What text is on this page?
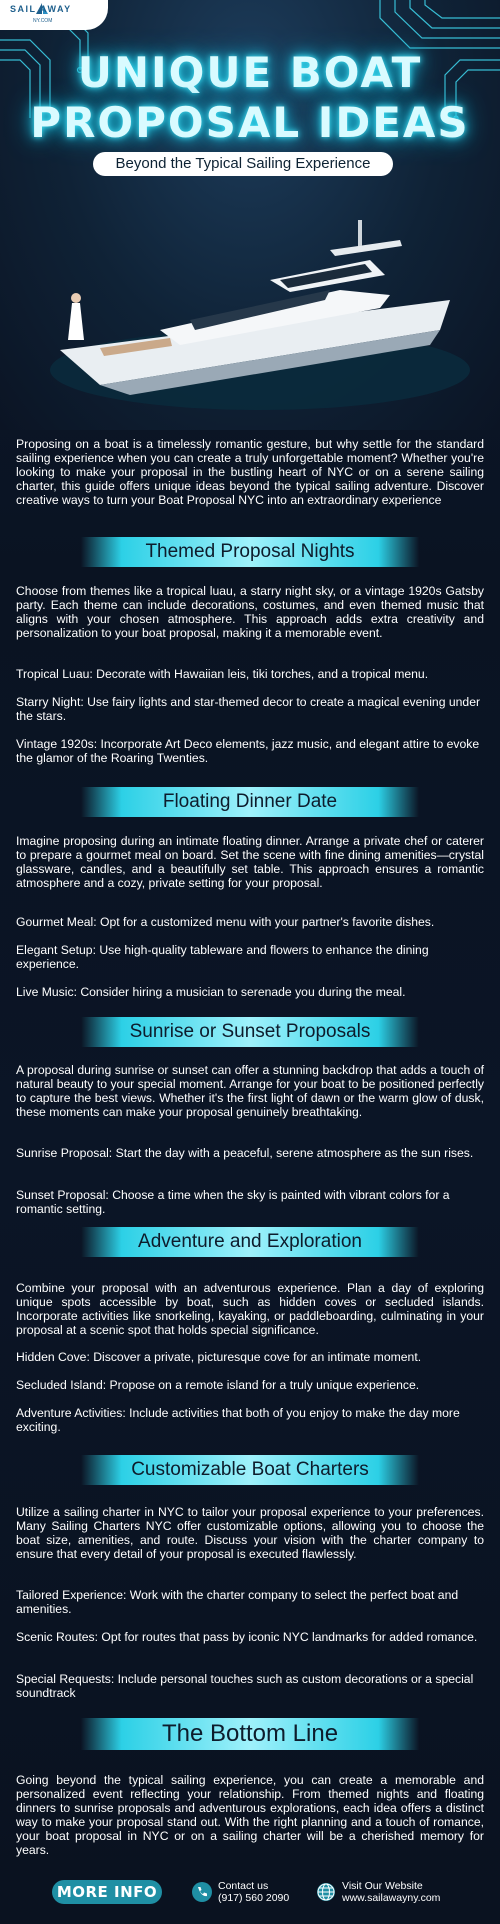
SAIL AWAY
NY.COM
UNIQUE BOAT
PROPOSAL IDEAS
Beyond the Typical Sailing Experience

Proposing on a boat is a timelessly romantic gesture, but why settle for the standard sailing experience when you can create a truly unforgettable moment? Whether you're looking to make your proposal in the bustling heart of NYC or on a serene sailing charter, this guide offers unique ideas beyond the typical sailing adventure. Discover creative ways to turn your Boat Proposal NYC into an extraordinary experience

Themed Proposal Nights

Choose from themes like a tropical luau, a starry night sky, or a vintage 1920s Gatsby party. Each theme can include decorations, costumes, and even themed music that aligns with your chosen atmosphere. This approach adds extra creativity and personalization to your boat proposal, making it a memorable event.

Tropical Luau: Decorate with Hawaiian leis, tiki torches, and a tropical menu.

Starry Night: Use fairy lights and star-themed decor to create a magical evening under the stars.

Vintage 1920s: Incorporate Art Deco elements, jazz music, and elegant attire to evoke the glamor of the Roaring Twenties.

Floating Dinner Date

Imagine proposing during an intimate floating dinner. Arrange a private chef or caterer to prepare a gourmet meal on board. Set the scene with fine dining amenities—crystal glassware, candles, and a beautifully set table. This approach ensures a romantic atmosphere and a cozy, private setting for your proposal.

Gourmet Meal: Opt for a customized menu with your partner's favorite dishes.

Elegant Setup: Use high-quality tableware and flowers to enhance the dining experience.

Live Music: Consider hiring a musician to serenade you during the meal.

Sunrise or Sunset Proposals

A proposal during sunrise or sunset can offer a stunning backdrop that adds a touch of natural beauty to your special moment. Arrange for your boat to be positioned perfectly to capture the best views. Whether it's the first light of dawn or the warm glow of dusk, these moments can make your proposal genuinely breathtaking.

Sunrise Proposal: Start the day with a peaceful, serene atmosphere as the sun rises.

Sunset Proposal: Choose a time when the sky is painted with vibrant colors for a romantic setting.

Adventure and Exploration

Combine your proposal with an adventurous experience. Plan a day of exploring unique spots accessible by boat, such as hidden coves or secluded islands. Incorporate activities like snorkeling, kayaking, or paddleboarding, culminating in your proposal at a scenic spot that holds special significance.

Hidden Cove: Discover a private, picturesque cove for an intimate moment.

Secluded Island: Propose on a remote island for a truly unique experience.

Adventure Activities: Include activities that both of you enjoy to make the day more exciting.

Customizable Boat Charters

Utilize a sailing charter in NYC to tailor your proposal experience to your preferences. Many Sailing Charters NYC offer customizable options, allowing you to choose the boat size, amenities, and route. Discuss your vision with the charter company to ensure that every detail of your proposal is executed flawlessly.

Tailored Experience: Work with the charter company to select the perfect boat and amenities.

Scenic Routes: Opt for routes that pass by iconic NYC landmarks for added romance.

Special Requests: Include personal touches such as custom decorations or a special soundtrack

The Bottom Line

Going beyond the typical sailing experience, you can create a memorable and personalized event reflecting your relationship. From themed nights and floating dinners to sunrise proposals and adventurous explorations, each idea offers a distinct way to make your proposal stand out. With the right planning and a touch of romance, your boat proposal in NYC or on a sailing charter will be a cherished memory for years.

MORE INFO	Contact us
(917) 560 2090
Visit Our Website
www.sailawayny.com
